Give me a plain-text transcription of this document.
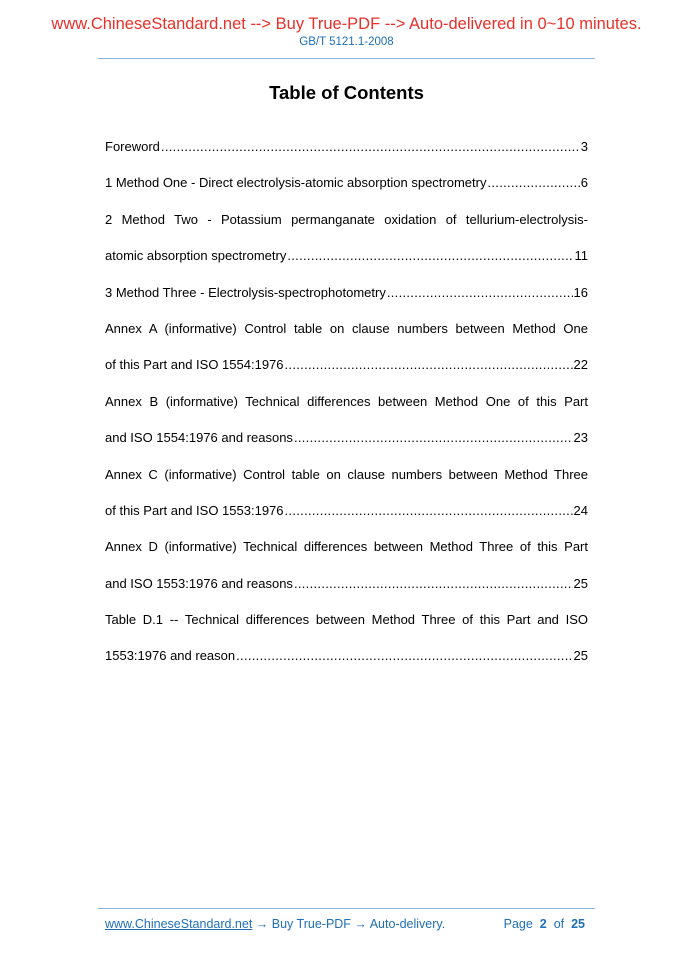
www.ChineseStandard.net --> Buy True-PDF --> Auto-delivered in 0~10 minutes.
GB/T 5121.1-2008
Table of Contents
Foreword .....	3
1 Method One - Direct electrolysis-atomic absorption spectrometry .....	6
2 Method Two - Potassium permanganate oxidation of tellurium-electrolysis-
atomic absorption spectrometry .....	11
3 Method Three - Electrolysis-spectrophotometry .....	16
Annex A (informative) Control table on clause numbers between Method One
of this Part and ISO 1554:1976 .....	22
Annex B (informative) Technical differences between Method One of this Part
and ISO 1554:1976 and reasons .....	23
Annex C (informative) Control table on clause numbers between Method Three
of this Part and ISO 1553:1976 .....	24
Annex D (informative) Technical differences between Method Three of this Part
and ISO 1553:1976 and reasons .....	25
Table D.1 -- Technical differences between Method Three of this Part and ISO
1553:1976 and reason .....	25
www.ChineseStandard.net → Buy True-PDF → Auto-delivery.	Page 2 of 25
